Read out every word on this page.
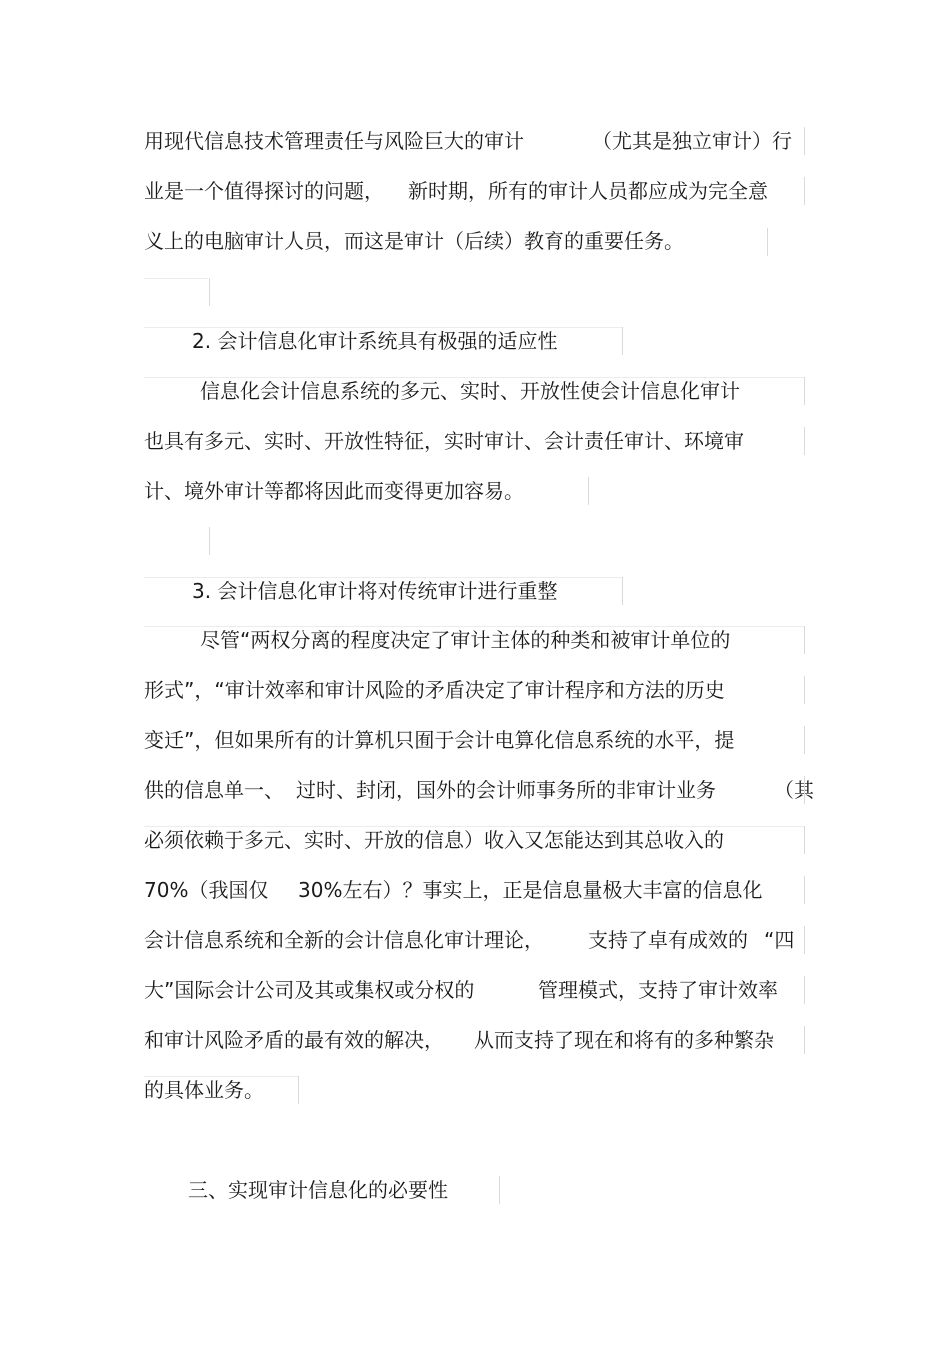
用现代信息技术管理责任与风险巨大的审计

	（尤其是独立审计）行

业是一个值得探讨的问题，

新时期，所有的审计人员都应成为完全意

义上的电脑审计人员，而这是审计（后续）教育的重要任务。

2. 会计信息化审计系统具有极强的适应性

信息化会计信息系统的多元、实时、开放性使会计信息化审计

也具有多元、实时、开放性特征，实时审计、会计责任审计、环境审

计、境外审计等都将因此而变得更加容易。

3. 会计信息化审计将对传统审计进行重整

尽管“两权分离的程度决定了审计主体的种类和被审计单位的

形式”，“审计效率和审计风险的矛盾决定了审计程序和方法的历史

变迁”，但如果所有的计算机只囿于会计电算化信息系统的水平，提

供的信息单一、

过时、封闭，国外的会计师事务所的非审计业务

	（其

必须依赖于多元、实时、开放的信息）收入又怎能达到其总收入的

70%（我国仅

30%左右）？事实上，正是信息量极大丰富的信息化

会计信息系统和全新的会计信息化审计理论，

支持了卓有成效的

“四

大”国际会计公司及其或集权或分权的

	管理模式，支持了审计效率

和审计风险矛盾的最有效的解决，

从而支持了现在和将有的多种繁杂

的具体业务。

三、实现审计信息化的必要性
